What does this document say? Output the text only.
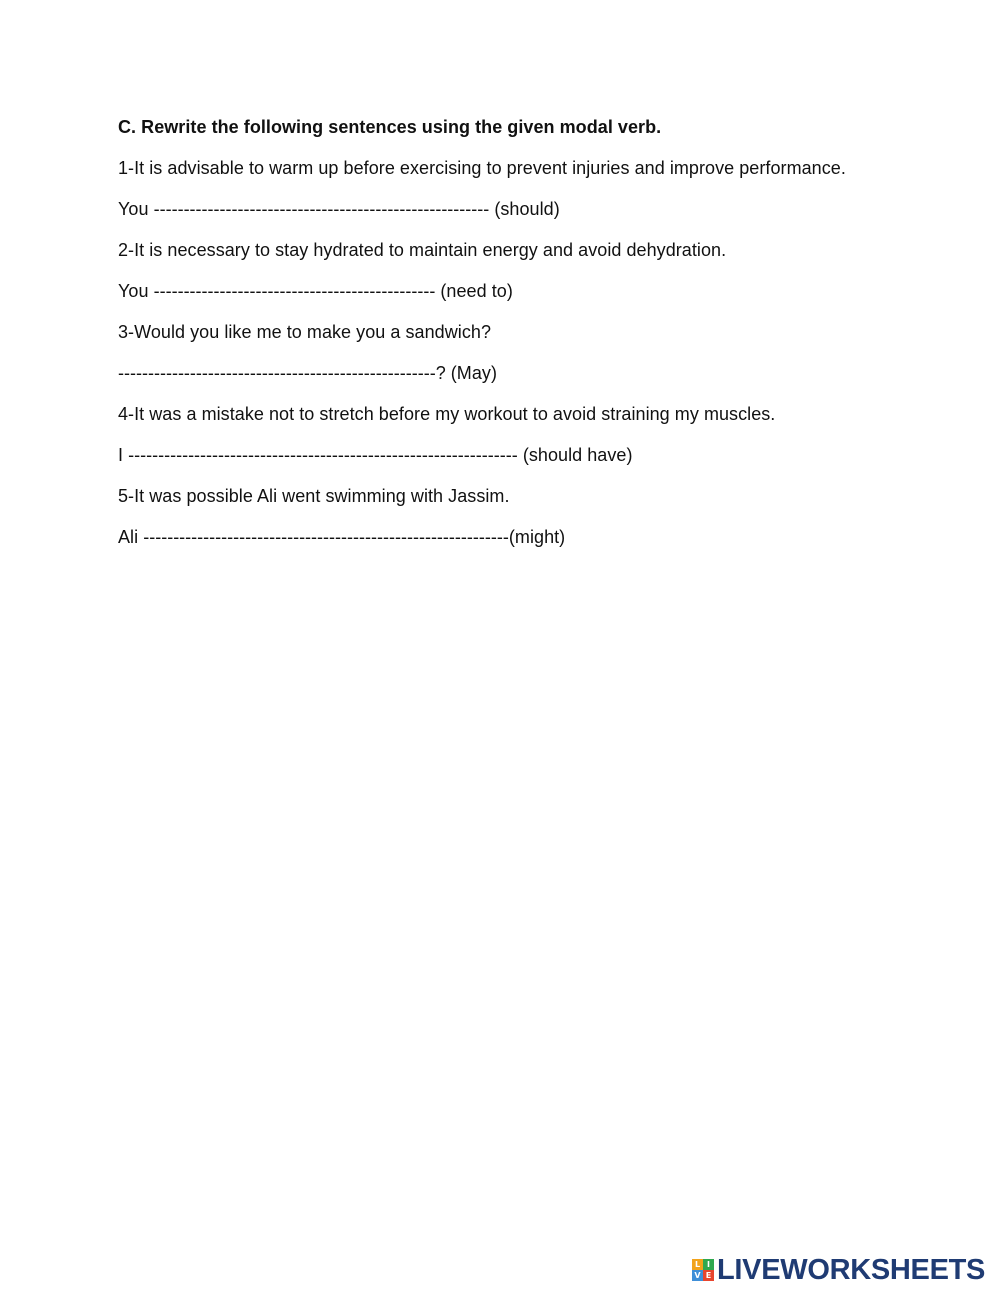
C. Rewrite the following sentences using the given modal verb.
1-It is advisable to warm up before exercising to prevent injuries and improve performance.
You -------------------------------------------------------- (should)
2-It is necessary to stay hydrated to maintain energy and avoid dehydration.
You ----------------------------------------------- (need to)
3-Would you like me to make you a sandwich?
-----------------------------------------------------? (May)
4-It was a mistake not to stretch before my workout to avoid straining my muscles.
I ----------------------------------------------------------------- (should have)
5-It was possible Ali went swimming with Jassim.
Ali -------------------------------------------------------------(might)
L I
V E LIVEWORKSHEETS
